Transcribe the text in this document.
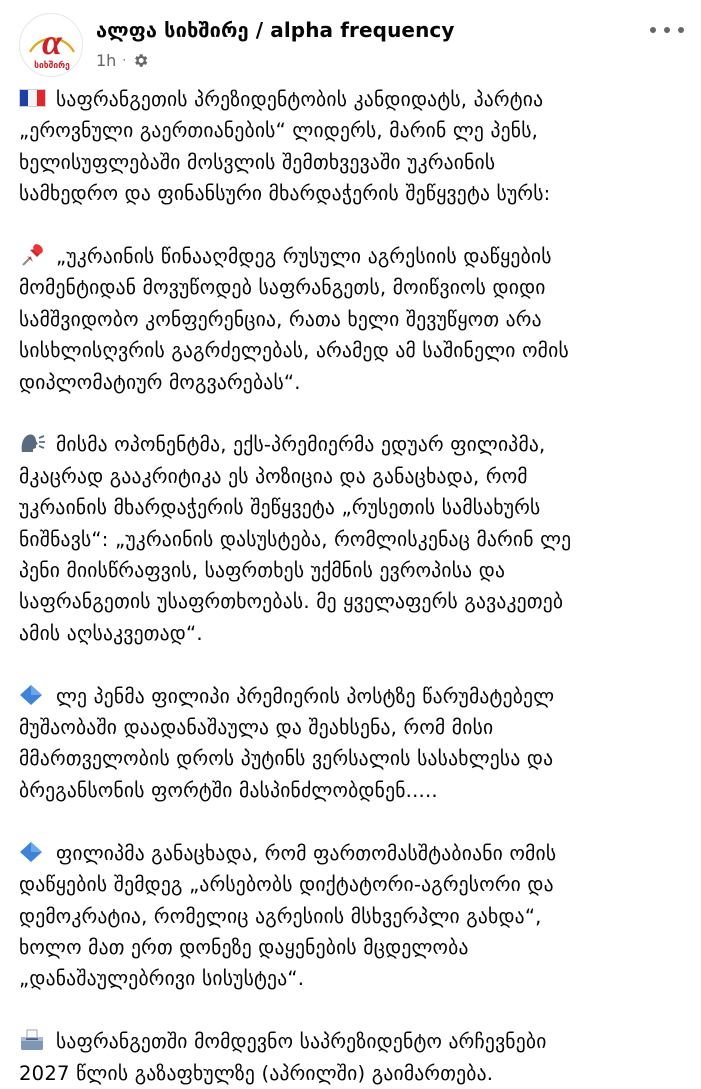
α
სიხშირე
ალფა სიხშირე / alpha frequency
1h ·

საფრანგეთის პრეზიდენტობის კანდიდატს, პარტია
„ეროვნული გაერთიანების“ ლიდერს, მარინ ლე პენს,
ხელისუფლებაში მოსვლის შემთხვევაში უკრაინის
სამხედრო და ფინანსური მხარდაჭერის შეწყვეტა სურს:

„უკრაინის წინააღმდეგ რუსული აგრესიის დაწყების
მომენტიდან მოვუწოდებ საფრანგეთს, მოიწვიოს დიდი
სამშვიდობო კონფერენცია, რათა ხელი შევუწყოთ არა
სისხლისღვრის გაგრძელებას, არამედ ამ საშინელი ომის
დიპლომატიურ მოგვარებას“.

მისმა ოპონენტმა, ექს-პრემიერმა ედუარ ფილიპმა,
მკაცრად გააკრიტიკა ეს პოზიცია და განაცხადა, რომ
უკრაინის მხარდაჭერის შეწყვეტა „რუსეთის სამსახურს
ნიშნავს“: „უკრაინის დასუსტება, რომლისკენაც მარინ ლე
პენი მიისწრაფვის, საფრთხეს უქმნის ევროპისა და
საფრანგეთის უსაფრთხოებას. მე ყველაფერს გავაკეთებ
ამის აღსაკვეთად“.

ლე პენმა ფილიპი პრემიერის პოსტზე წარუმატებელ
მუშაობაში დაადანაშაულა და შეახსენა, რომ მისი
მმართველობის დროს პუტინს ვერსალის სასახლესა და
ბრეგანსონის ფორტში მასპინძლობდნენ.....

ფილიპმა განაცხადა, რომ ფართომასშტაბიანი ომის
დაწყების შემდეგ „არსებობს დიქტატორი-აგრესორი და
დემოკრატია, რომელიც აგრესიის მსხვერპლი გახდა“,
ხოლო მათ ერთ დონეზე დაყენების მცდელობა
„დანაშაულებრივი სისუსტეა“.

საფრანგეთში მომდევნო საპრეზიდენტო არჩევნები
2027 წლის გაზაფხულზე (აპრილში) გაიმართება.
